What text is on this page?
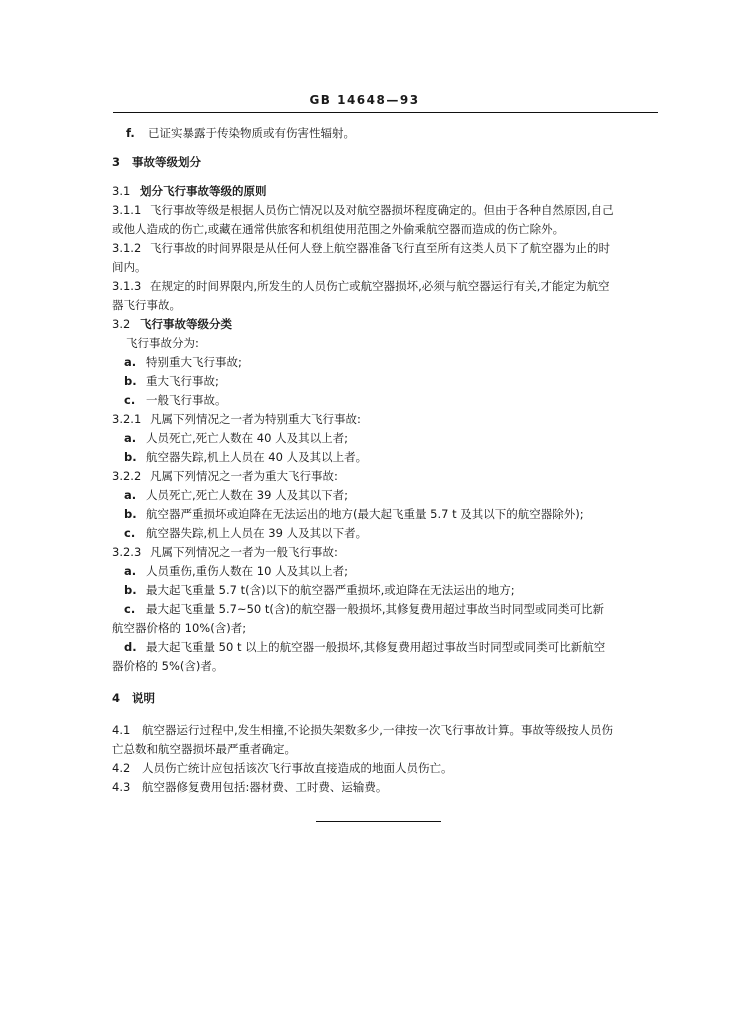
GB 14648—93
f. 已证实暴露于传染物质或有伤害性辐射。
3 事故等级划分
3.1 划分飞行事故等级的原则
3.1.1 飞行事故等级是根据人员伤亡情况以及对航空器损坏程度确定的。但由于各种自然原因,自己
或他人造成的伤亡,或藏在通常供旅客和机组使用范围之外偷乘航空器而造成的伤亡除外。
3.1.2 飞行事故的时间界限是从任何人登上航空器准备飞行直至所有这类人员下了航空器为止的时
间内。
3.1.3 在规定的时间界限内,所发生的人员伤亡或航空器损坏,必须与航空器运行有关,才能定为航空
器飞行事故。
3.2 飞行事故等级分类
飞行事故分为:
a. 特别重大飞行事故;
b. 重大飞行事故;
c. 一般飞行事故。
3.2.1 凡属下列情况之一者为特别重大飞行事故:
a. 人员死亡,死亡人数在 40 人及其以上者;
b. 航空器失踪,机上人员在 40 人及其以上者。
3.2.2 凡属下列情况之一者为重大飞行事故:
a. 人员死亡,死亡人数在 39 人及其以下者;
b. 航空器严重损坏或迫降在无法运出的地方(最大起飞重量 5.7 t 及其以下的航空器除外);
c. 航空器失踪,机上人员在 39 人及其以下者。
3.2.3 凡属下列情况之一者为一般飞行事故:
a. 人员重伤,重伤人数在 10 人及其以上者;
b. 最大起飞重量 5.7 t(含)以下的航空器严重损坏,或迫降在无法运出的地方;
c. 最大起飞重量 5.7~50 t(含)的航空器一般损坏,其修复费用超过事故当时同型或同类可比新
航空器价格的 10%(含)者;
d. 最大起飞重量 50 t 以上的航空器一般损坏,其修复费用超过事故当时同型或同类可比新航空
器价格的 5%(含)者。
4 说明
4.1 航空器运行过程中,发生相撞,不论损失架数多少,一律按一次飞行事故计算。事故等级按人员伤
亡总数和航空器损坏最严重者确定。
4.2 人员伤亡统计应包括该次飞行事故直接造成的地面人员伤亡。
4.3 航空器修复费用包括:器材费、工时费、运输费。
